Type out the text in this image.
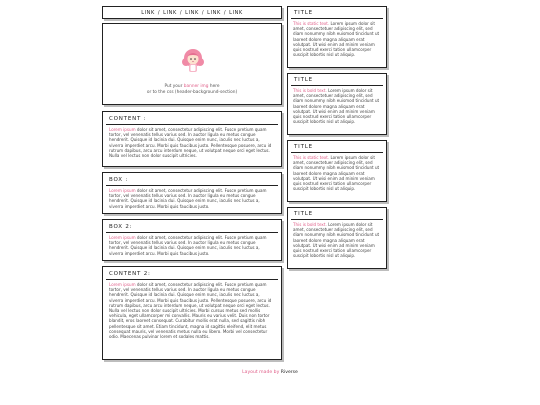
LINK / LINK / LINK / LINK / LINK
Put your banner img here
or to the css (header-background-section)
CONTENT :

Lorem ipsum dolor sit amet, consectetur adipiscing elit. Fusce pretium quam tortor, vel venenatis tellus varius sed. In auctor ligula eu metus congue hendrerit. Quisque id lacinia dui. Quisque enim nunc, iaculis nec luctus a, viverra imperdiet arcu. Morbi quis faucibus justo. Pellentesque posuere, arcu id rutrum dapibus, arcu arcu interdum neque, ut volutpat neque orci eget lectus. Nulla vel lectus non dolor suscipit ultricies.

BOX :

Lorem ipsum dolor sit amet, consectetur adipiscing elit. Fusce pretium quam tortor, vel venenatis tellus varius sed. In auctor ligula eu metus congue hendrerit. Quisque id lacinia dui. Quisque enim nunc, iaculis nec luctus a, viverra imperdiet arcu. Morbi quis faucibus justo.

BOX 2:

Lorem ipsum dolor sit amet, consectetur adipiscing elit. Fusce pretium quam tortor, vel venenatis tellus varius sed. In auctor ligula eu metus congue hendrerit. Quisque id lacinia dui. Quisque enim nunc, iaculis nec luctus a, viverra imperdiet arcu. Morbi quis faucibus justo.

CONTENT 2:

Lorem ipsum dolor sit amet, consectetur adipiscing elit. Fusce pretium quam tortor, vel venenatis tellus varius sed. In auctor ligula eu metus congue hendrerit. Quisque id lacinia dui. Quisque enim nunc, iaculis nec luctus a, viverra imperdiet arcu. Morbi quis faucibus justo. Pellentesque posuere, arcu id rutrum dapibus, arcu arcu interdum neque, ut volutpat neque orci eget lectus. Nulla vel lectus non dolor suscipit ultricies. Morbi cursus metus sed mollis vehicula, eget ullamcorper mi convallis. Mauris eu varius velit. Duis non tortor blandit, eros laoreet consequat. Curabitur mollis erat nulla, sed sagittis nibh pellentesque sit amet. Etiam tincidunt, magna id sagittis eleifend, elit metus consequat mauris, vel venenatis metus nulla eu libero. Morbi vel consectetur odio. Maecenas pulvinar lorem et sodales mattis.

TITLE

This is static text. Lorem ipsum dolor sit amet, consectetuer adipiscing elit, sed diam nonummy nibh euismod tincidunt ut laoreet dolore magna aliquam erat volutpat. Ut wisi enim ad minim veniam quis nostrud exerci tation ullamcorper suscipit lobortis nisl ut aliquip.

TITLE

This is bold text. Lorem ipsum dolor sit amet, consectetuer adipiscing elit, sed diam nonummy nibh euismod tincidunt ut laoreet dolore magna aliquam erat volutpat. Ut wisi enim ad minim veniam quis nostrud exerci tation ullamcorper suscipit lobortis nisl ut aliquip.

TITLE

This is static text. Lorem ipsum dolor sit amet, consectetuer adipiscing elit, sed diam nonummy nibh euismod tincidunt ut laoreet dolore magna aliquam erat volutpat. Ut wisi enim ad minim veniam quis nostrud exerci tation ullamcorper suscipit lobortis nisl ut aliquip.

TITLE

This is bold text. Lorem ipsum dolor sit amet, consectetuer adipiscing elit, sed diam nonummy nibh euismod tincidunt ut laoreet dolore magna aliquam erat volutpat. Ut wisi enim ad minim veniam quis nostrud exerci tation ullamcorper suscipit lobortis nisl ut aliquip.

Layout made by Riverse
